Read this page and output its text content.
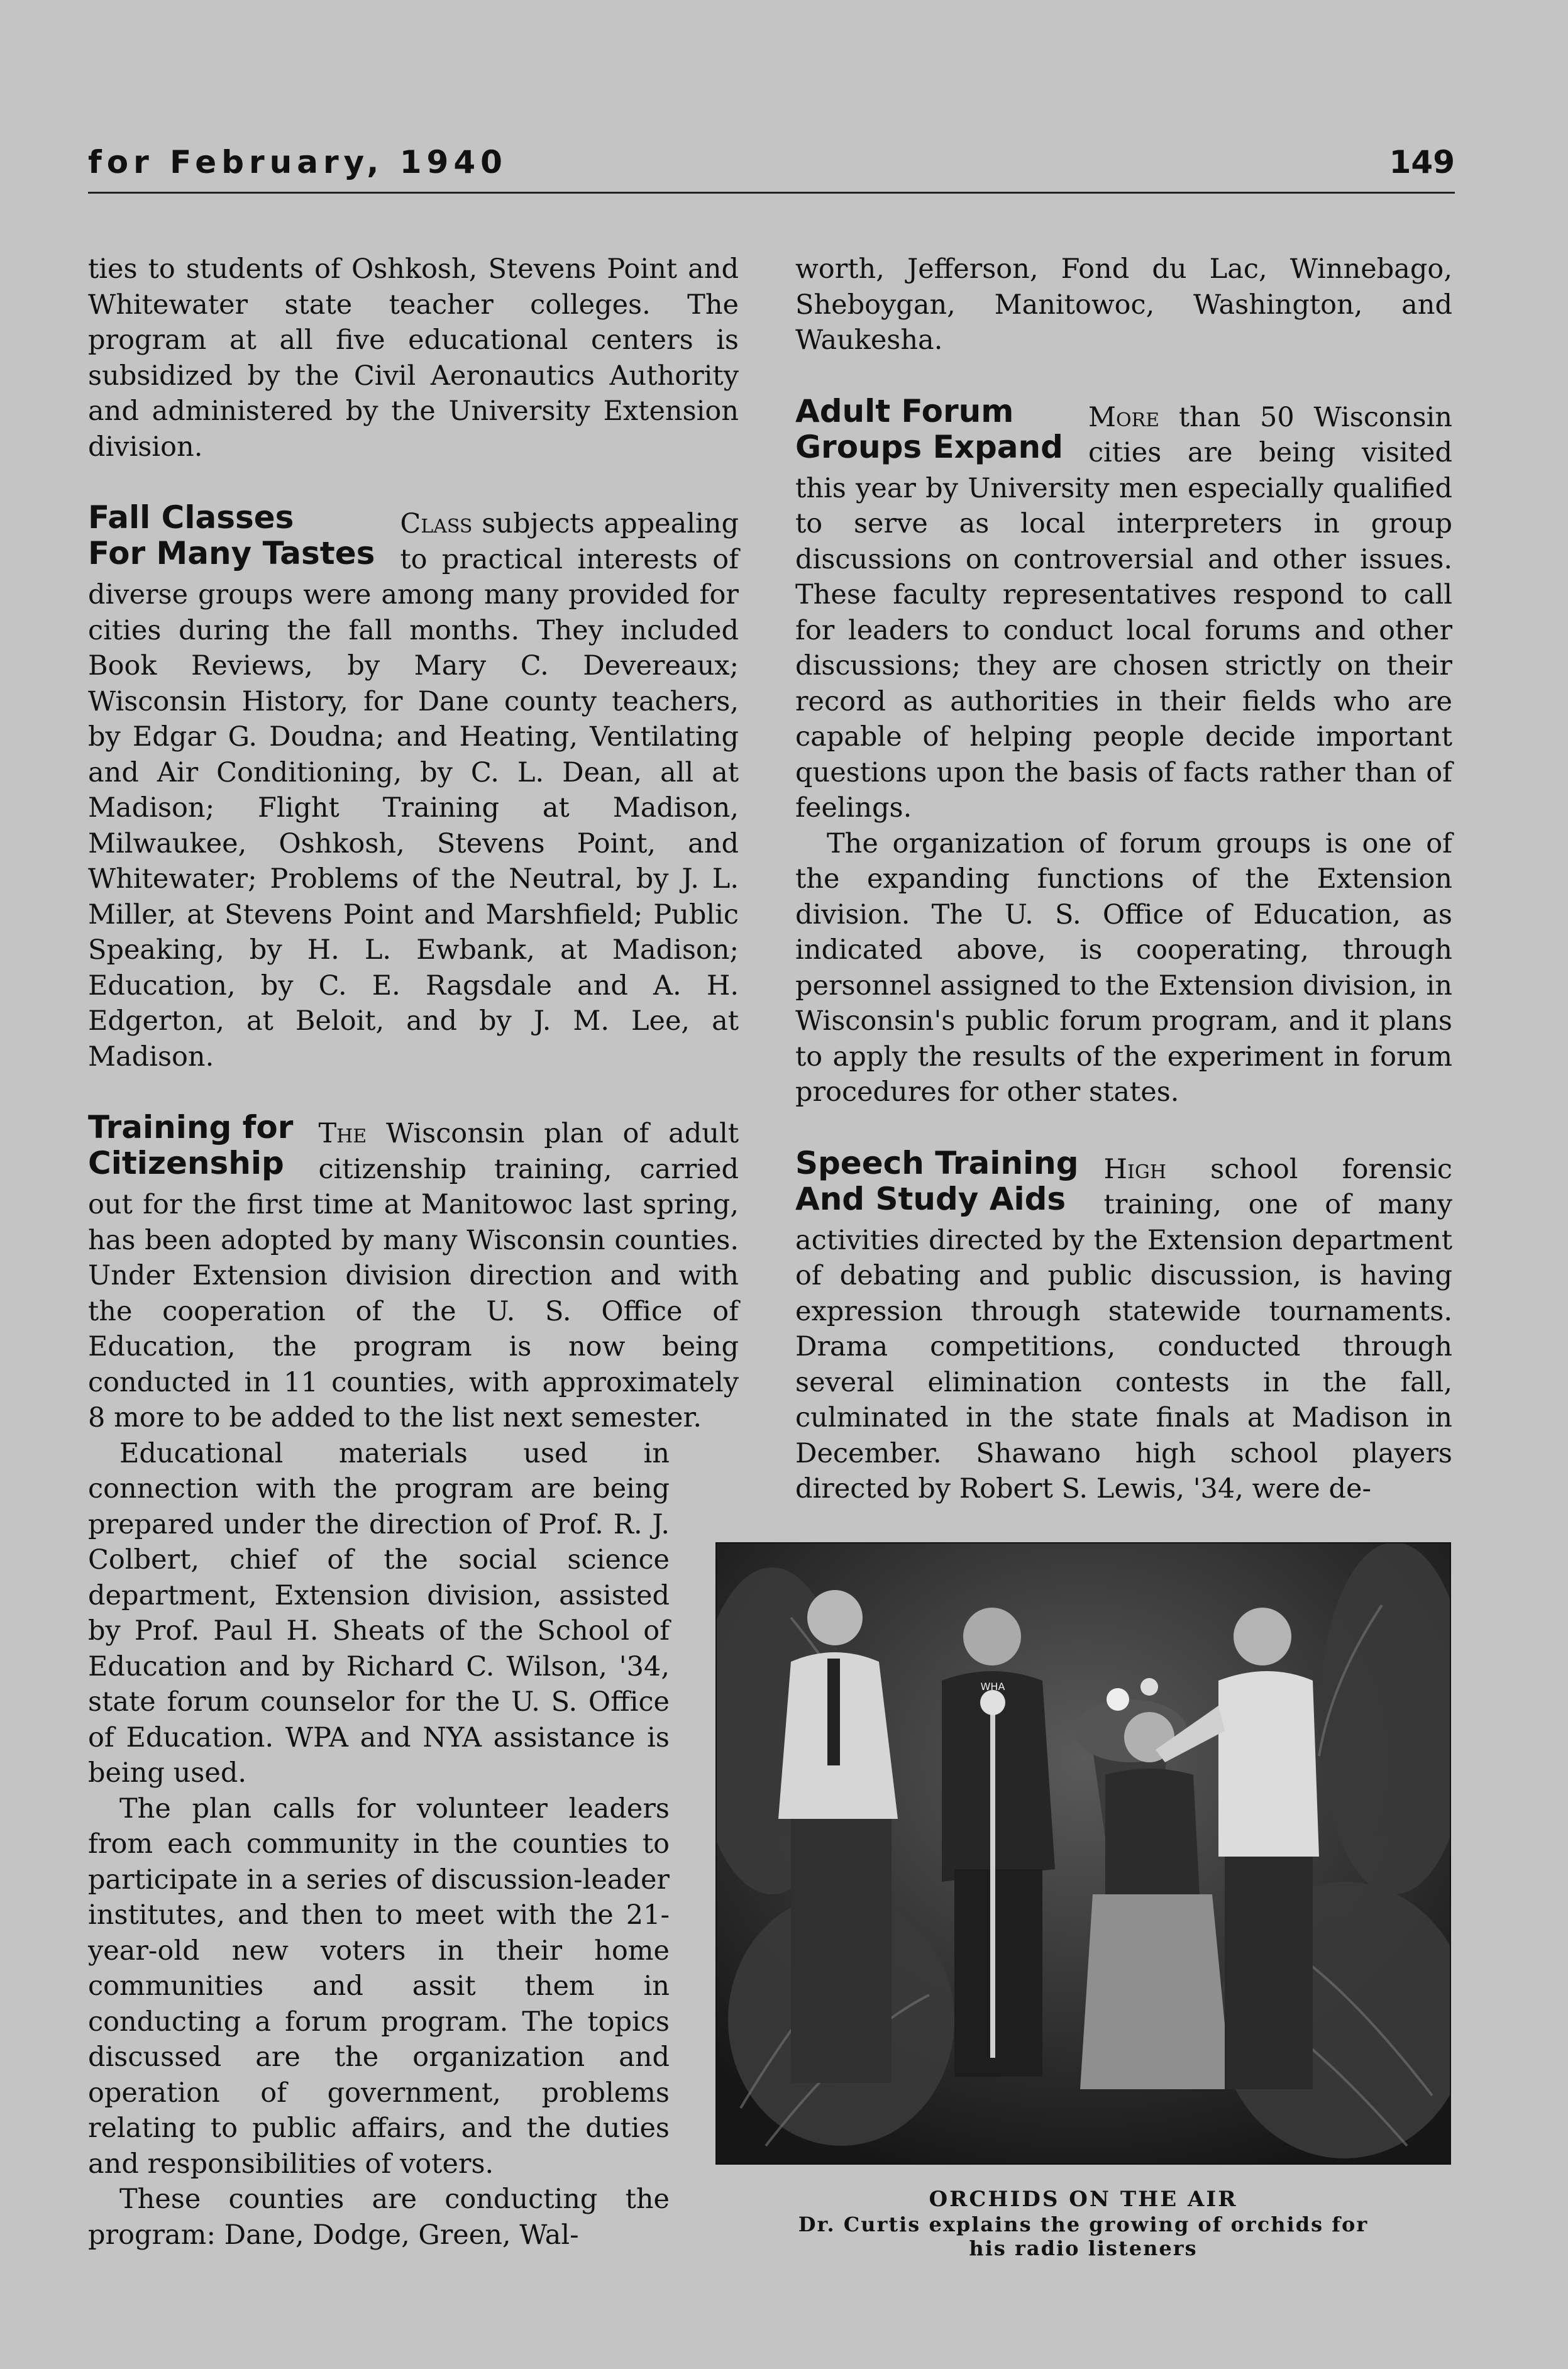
for February, 1940	149

ties to students of Oshkosh, Stevens Point and Whitewater state teacher colleges. The program at all five educational centers is subsidized by the Civil Aeronautics Authority and administered by the University Extension division.

Fall Classes
For Many Tastes

Class subjects appealing to practical interests of diverse groups were among many provided for cities during the fall months. They included Book Reviews, by Mary C. Devereaux; Wisconsin History, for Dane county teachers, by Edgar G. Doudna; and Heating, Ventilating and Air Conditioning, by C. L. Dean, all at Madison; Flight Training at Madison, Milwaukee, Oshkosh, Stevens Point, and Whitewater; Problems of the Neutral, by J. L. Miller, at Stevens Point and Marshfield; Public Speaking, by H. L. Ewbank, at Madison; Education, by C. E. Ragsdale and A. H. Edgerton, at Beloit, and by J. M. Lee, at Madison.

Training for
Citizenship

The Wisconsin plan of adult citizenship training, carried out for the first time at Manitowoc last spring, has been adopted by many Wisconsin counties. Under Extension division direction and with the cooperation of the U. S. Office of Education, the program is now being conducted in 11 counties, with approximately 8 more to be added to the list next semester.

Educational materials used in connection with the program are being prepared under the direction of Prof. R. J. Colbert, chief of the social science department, Extension division, assisted by Prof. Paul H. Sheats of the School of Education and by Richard C. Wilson, '34, state forum counselor for the U. S. Office of Education. WPA and NYA assistance is being used.

The plan calls for volunteer leaders from each community in the counties to participate in a series of discussion-leader institutes, and then to meet with the 21-year-old new voters in their home communities and assit them in conducting a forum program. The topics discussed are the organization and operation of government, problems relating to public affairs, and the duties and responsibilities of voters.

These counties are conducting the program: Dane, Dodge, Green, Wal-

worth, Jefferson, Fond du Lac, Winnebago, Sheboygan, Manitowoc, Washington, and Waukesha.

Adult Forum
Groups Expand

More than 50 Wisconsin cities are being visited this year by University men especially qualified to serve as local interpreters in group discussions on controversial and other issues. These faculty representatives respond to call for leaders to conduct local forums and other discussions; they are chosen strictly on their record as authorities in their fields who are capable of helping people decide important questions upon the basis of facts rather than of feelings.

The organization of forum groups is one of the expanding functions of the Extension division. The U. S. Office of Education, as indicated above, is cooperating, through personnel assigned to the Extension division, in Wisconsin's public forum program, and it plans to apply the results of the experiment in forum procedures for other states.

Speech Training
And Study Aids

High school forensic training, one of many activities directed by the Extension department of debating and public discussion, is having expression through statewide tournaments. Drama competitions, conducted through several elimination contests in the fall, culminated in the state finals at Madison in December. Shawano high school players directed by Robert S. Lewis, '34, were de-

WHA
ORCHIDS ON THE AIR
Dr. Curtis explains the growing of orchids for
his radio listeners
